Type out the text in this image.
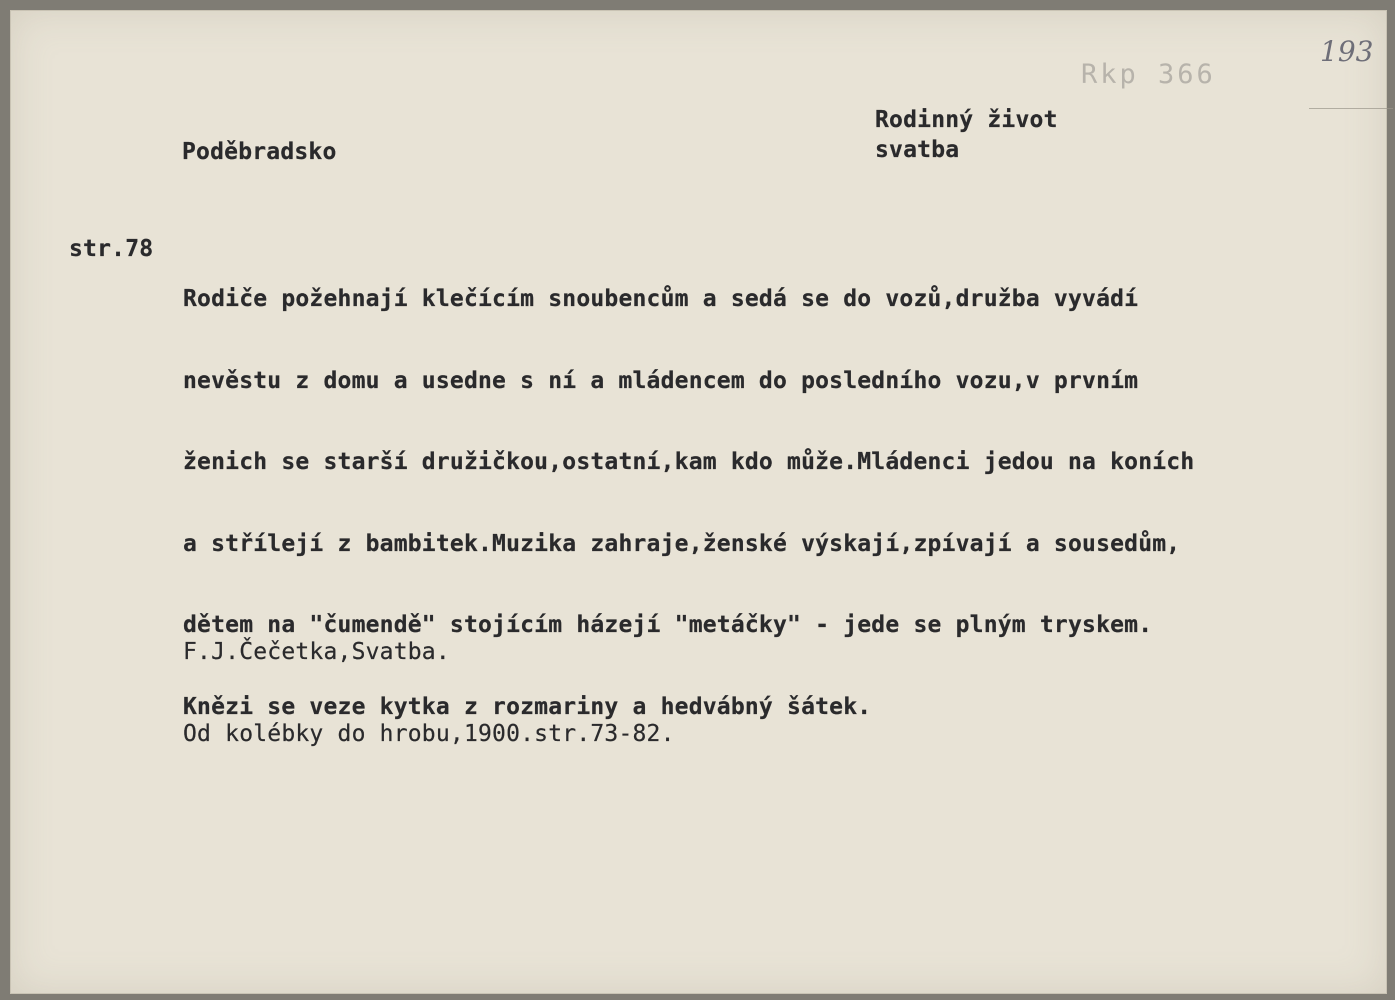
193
Rkp 366
Rodinný život
svatba
Poděbradsko
str.78

Rodiče požehnají klečícím snoubencům a sedá se do vozů,družba vyvádí

nevěstu z domu a usedne s ní a mládencem do posledního vozu,v prvním

ženich se starší družičkou,ostatní,kam kdo může.Mládenci jedou na koních

a střílejí z bambitek.Muzika zahraje,ženské výskají,zpívají a sousedům,

dětem na "čumendě" stojícím házejí "metáčky" - jede se plným tryskem.

Knězi se veze kytka z rozmariny a hedvábný šátek.

F.J.Čečetka,Svatba.

Od kolébky do hrobu,1900.str.73-82.
